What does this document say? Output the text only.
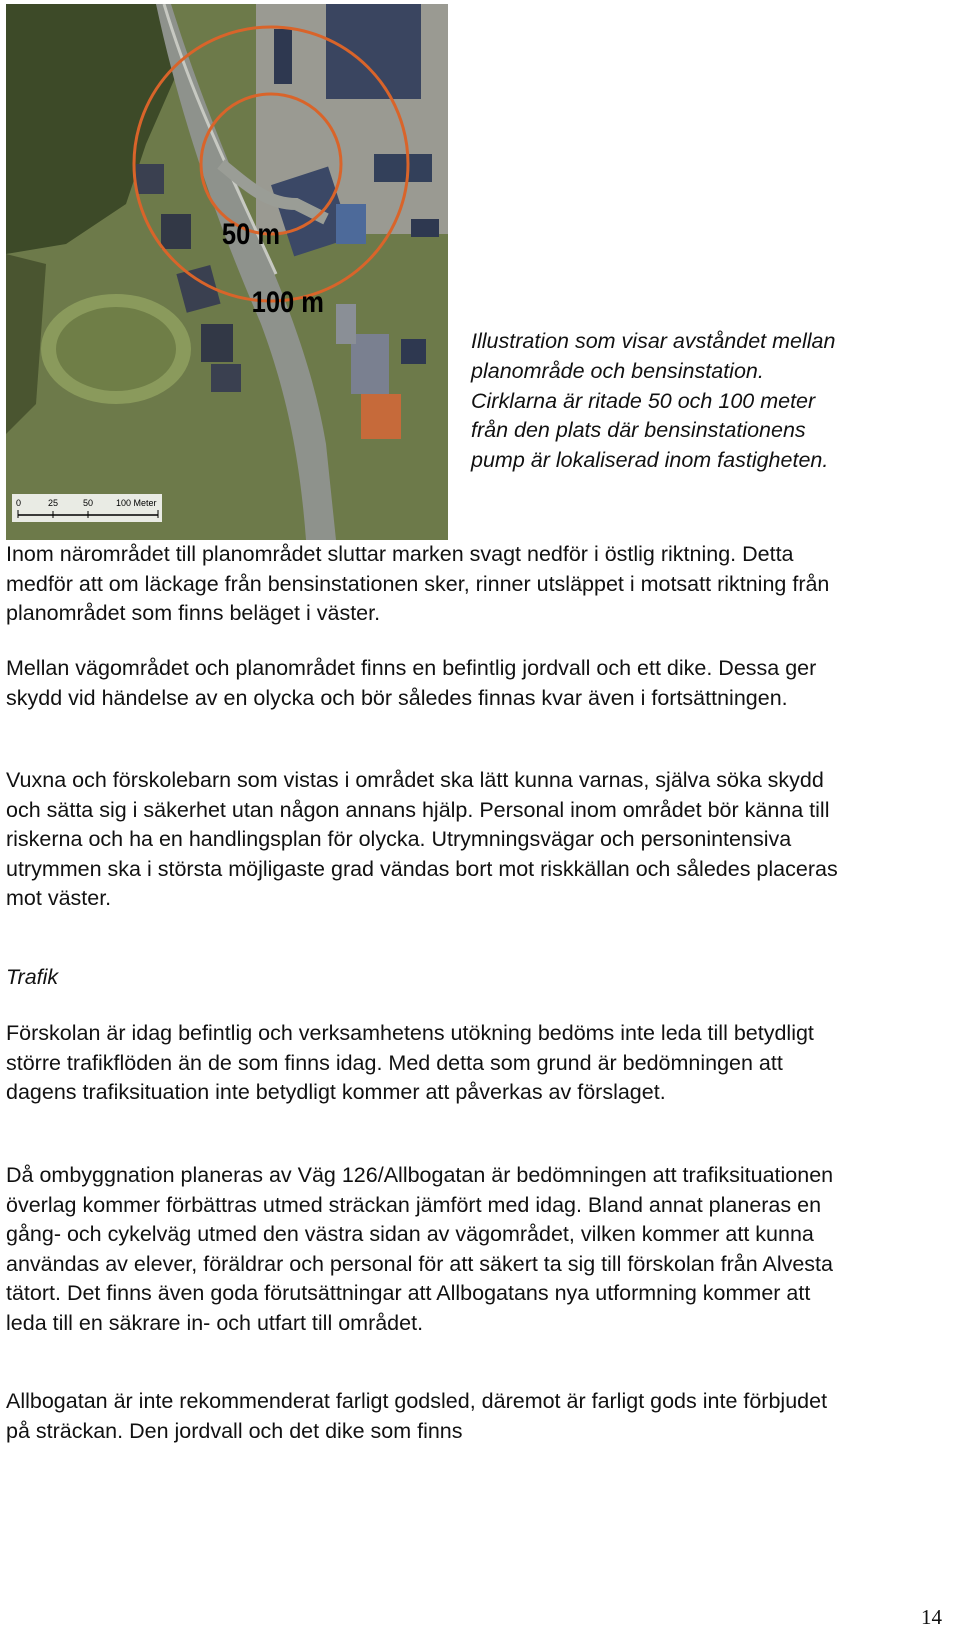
50 m
100 m
0	25	50	100 Meter

Illustration som visar avståndet mellan planområde och bensinstation. Cirklarna är ritade 50 och 100 meter från den plats där bensinstationens pump är lokaliserad inom fastigheten.

Inom närområdet till planområdet sluttar marken svagt nedför i östlig riktning. Detta medför att om läckage från bensinstationen sker, rinner utsläppet i motsatt riktning från planområdet som finns beläget i väster.

Mellan vägområdet och planområdet finns en befintlig jordvall och ett dike. Dessa ger skydd vid händelse av en olycka och bör således finnas kvar även i fortsättningen.

Vuxna och förskolebarn som vistas i området ska lätt kunna varnas, själva söka skydd och sätta sig i säkerhet utan någon annans hjälp. Personal inom området bör känna till riskerna och ha en handlingsplan för olycka. Utrymningsvägar och personintensiva utrymmen ska i största möjligaste grad vändas bort mot riskkällan och således placeras mot väster.

Trafik

Förskolan är idag befintlig och verksamhetens utökning bedöms inte leda till betydligt större trafikflöden än de som finns idag. Med detta som grund är bedömningen att dagens trafiksituation inte betydligt kommer att påverkas av förslaget.

Då ombyggnation planeras av Väg 126/Allbogatan är bedömningen att trafiksituationen överlag kommer förbättras utmed sträckan jämfört med idag. Bland annat planeras en gång- och cykelväg utmed den västra sidan av vägområdet, vilken kommer att kunna användas av elever, föräldrar och personal för att säkert ta sig till förskolan från Alvesta tätort. Det finns även goda förutsättningar att Allbogatans nya utformning kommer att leda till en säkrare in- och utfart till området.

Allbogatan är inte rekommenderat farligt godsled, däremot är farligt gods inte förbjudet på sträckan. Den jordvall och det dike som finns

14
